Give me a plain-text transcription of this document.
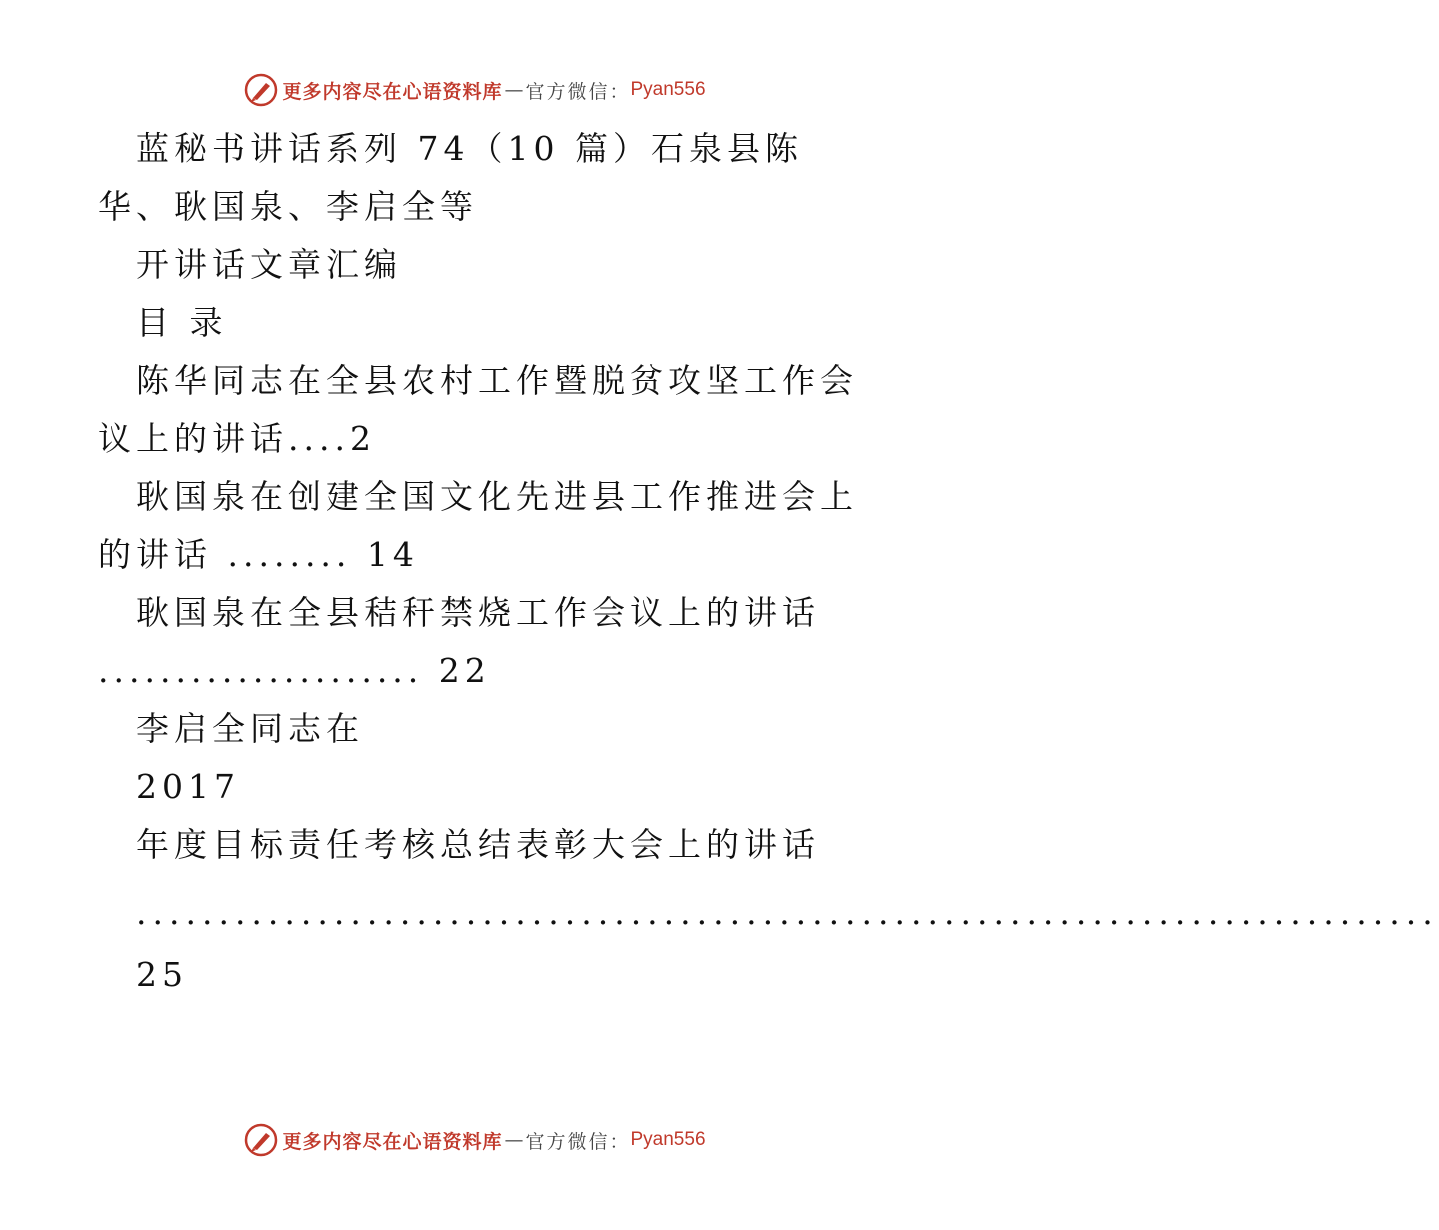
更多内容尽在心语资料库 — 官方微信： Pyan556

蓝秘书讲话系列 74（10 篇）石泉县陈华、耿国泉、李启全等

开讲话文章汇编

目 录

陈华同志在全县农村工作暨脱贫攻坚工作会议上的讲话....2

耿国泉在创建全国文化先进县工作推进会上的讲话 ........ 14

耿国泉在全县秸秆禁烧工作会议上的讲话

..................... 22

李启全同志在

2017

年度目标责任考核总结表彰大会上的讲话

...............................................................................

25

更多内容尽在心语资料库 — 官方微信： Pyan556
